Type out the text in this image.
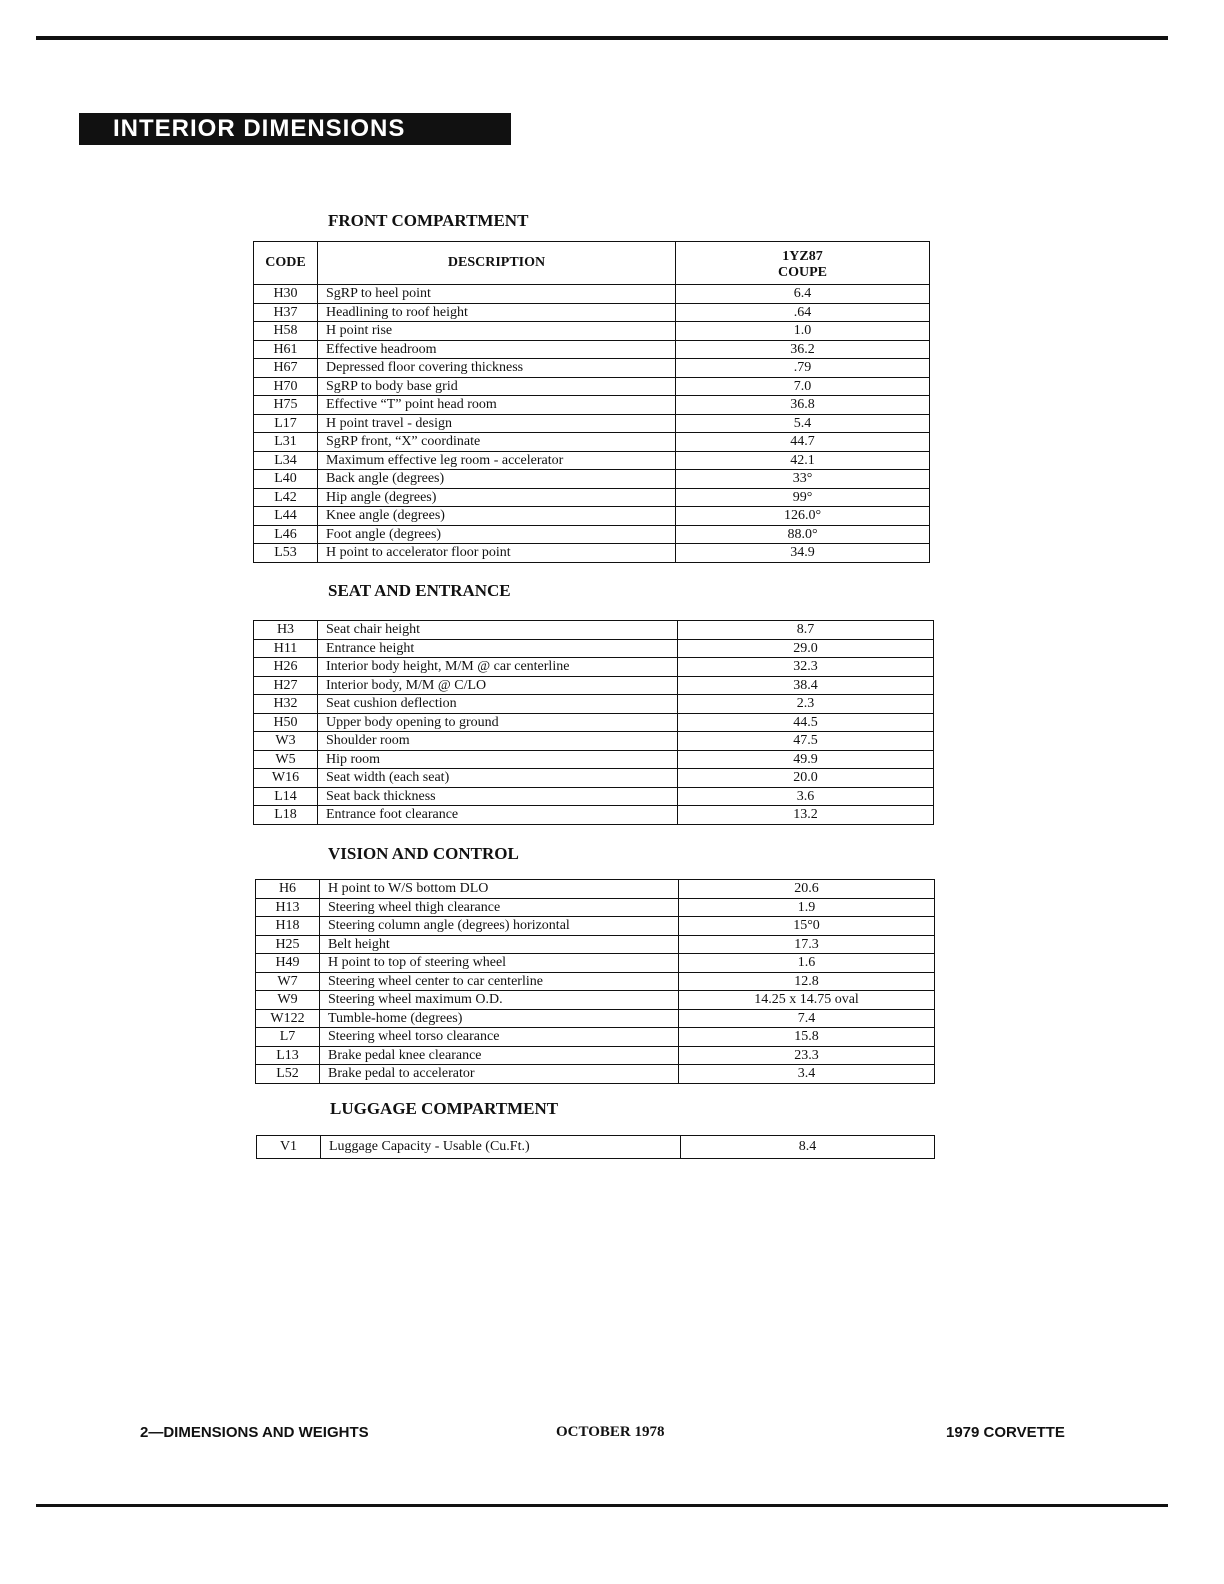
INTERIOR DIMENSIONS
FRONT COMPARTMENT
CODE	DESCRIPTION	1YZ87
COUPE

H30	SgRP to heel point	6.4
H37	Headlining to roof height	.64
H58	H point rise	1.0
H61	Effective headroom	36.2
H67	Depressed floor covering thickness	.79
H70	SgRP to body base grid	7.0
H75	Effective “T” point head room	36.8
L17	H point travel - design	5.4
L31	SgRP front, “X” coordinate	44.7
L34	Maximum effective leg room - accelerator	42.1
L40	Back angle (degrees)	33°
L42	Hip angle (degrees)	99°
L44	Knee angle (degrees)	126.0°
L46	Foot angle (degrees)	88.0°
L53	H point to accelerator floor point	34.9
SEAT AND ENTRANCE
H3	Seat chair height	8.7
H11	Entrance height	29.0
H26	Interior body height, M/M @ car centerline	32.3
H27	Interior body, M/M @ C/LO	38.4
H32	Seat cushion deflection	2.3
H50	Upper body opening to ground	44.5
W3	Shoulder room	47.5
W5	Hip room	49.9
W16	Seat width (each seat)	20.0
L14	Seat back thickness	3.6
L18	Entrance foot clearance	13.2
VISION AND CONTROL
H6	H point to W/S bottom DLO	20.6
H13	Steering wheel thigh clearance	1.9
H18	Steering column angle (degrees) horizontal	15°0
H25	Belt height	17.3
H49	H point to top of steering wheel	1.6
W7	Steering wheel center to car centerline	12.8
W9	Steering wheel maximum O.D.	14.25 x 14.75 oval
W122	Tumble-home (degrees)	7.4
L7	Steering wheel torso clearance	15.8
L13	Brake pedal knee clearance	23.3
L52	Brake pedal to accelerator	3.4
LUGGAGE COMPARTMENT
V1	Luggage Capacity - Usable (Cu.Ft.)	8.4
2—DIMENSIONS AND WEIGHTS	OCTOBER 1978	1979 CORVETTE
